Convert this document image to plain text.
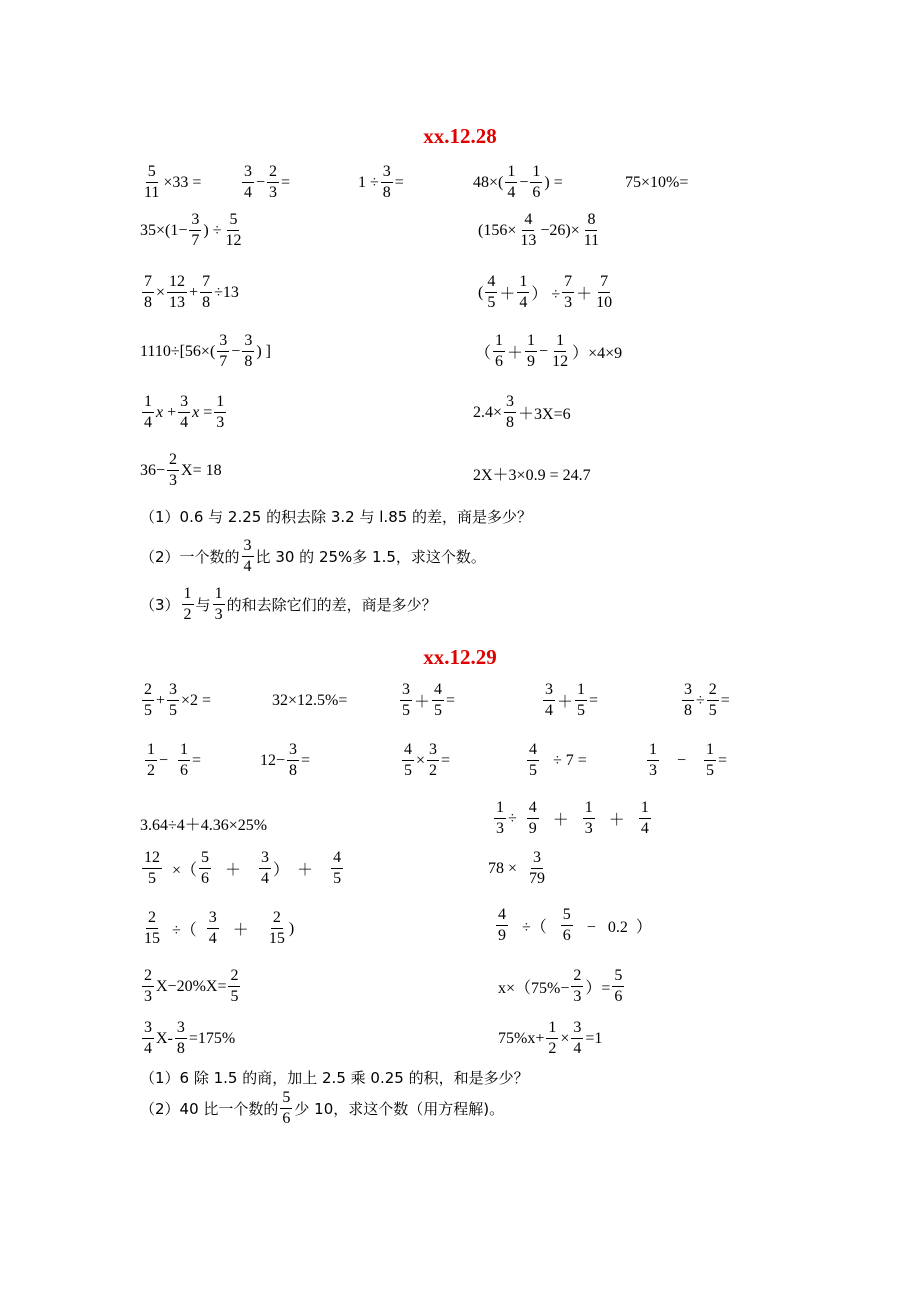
xx.12.28
$\frac{5}{11} \times 33$ =	$\frac{3}{4} - \frac{2}{3}$ =	$1 \div \frac{3}{8}$ =	$48\times( \frac{1}{4} - \frac{1}{6}$ ) =	75×10%=
$35\times(1- \frac{3}{7}$ ) ÷ $\frac{5}{12}$	$(156\times \frac{4}{13} -26)\times \frac{8}{11}$
$\frac{7}{8} \times \frac{12}{13} + \frac{7}{8} \div 13$	( $\frac{4}{5} + \frac{1}{4}$ ） ÷ $\frac{7}{3} + \frac{7}{10}$
$1110\div[56\times( \frac{3}{7} - \frac{3}{8}$ ) ]	（ $\frac{1}{6} + \frac{1}{9} - \frac{1}{12} )\times 4\times 9$
$\frac{1}{4}$ $x + \frac{3}{4}$ $x = \frac{1}{3}$	$2.4\times \frac{3}{8} +3X=6$
$36- \frac{2}{3} X= 18$	2X＋3×0.9 = 24.7
（1）0.6 与 2.25 的积去除 3.2 与 l.85 的差，商是多少？
（2）一个数的 $\frac{3}{4}$ 比 30 的 25%多 1.5，求这个数。
$(3) \frac{1}{2}$ 与 $\frac{1}{3}$ 的和去除它们的差，商是多少？
xx.12.29
$\frac{2}{5} + \frac{3}{5} \times 2$ =	32×12.5%=	$\frac{3}{5} + \frac{4}{5}$ =	$\frac{3}{4} + \frac{1}{5}$ =	$\frac{3}{8} \div \frac{2}{5}$ =
$\frac{1}{2} - \frac{1}{6}$ =	$12- \frac{3}{8}$ =	$\frac{4}{5} \times \frac{3}{2}$ =	$\frac{4}{5} \div 7$ =	$\frac{1}{3} - \frac{1}{5}$ =
3.64÷4＋4.36×25%	$\frac{1}{3} \div \frac{4}{9} + \frac{1}{3} + \frac{1}{4}$
$\frac{12}{5}$ ×（ $\frac{5}{6} + \frac{3}{4}$ ）  ＋ $\frac{4}{5}$	$78 \times \frac{3}{79}$
$\frac{2}{15}$ ÷（ $\frac{3}{4} + \frac{2}{15}$ )	$\frac{4}{9}$ ÷（ $\frac{5}{6} - 0.2$  ）
$\frac{2}{3} X-20\%X= \frac{2}{5}$	$x\times(75\%- \frac{2}{3}$ ）= $\frac{5}{6}$
$\frac{3}{4} X- \frac{3}{8} =175\%$	$75\%x+ \frac{1}{2} \times \frac{3}{4} =1$
（1）6 除 1.5 的商，加上 2.5 乘 0.25 的积，和是多少？
（2）40 比一个数的 $\frac{5}{6}$ 少 10，求这个数（用方程解)。
